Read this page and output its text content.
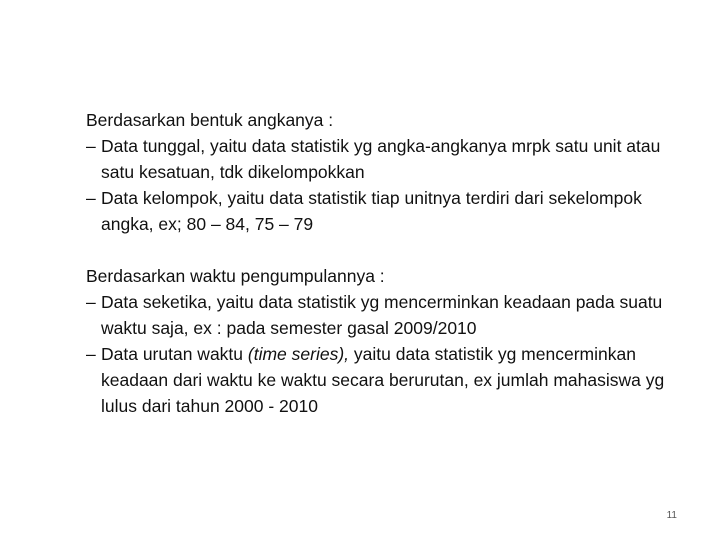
Berdasarkan bentuk angkanya :

– Data tunggal, yaitu data statistik yg angka-angkanya mrpk satu unit atau satu kesatuan, tdk dikelompokkan

– Data kelompok, yaitu data statistik tiap unitnya terdiri dari sekelompok angka, ex; 80 – 84, 75 – 79

Berdasarkan waktu pengumpulannya :

– Data seketika, yaitu data statistik yg mencerminkan keadaan pada suatu waktu saja, ex : pada semester gasal 2009/2010

– Data urutan waktu (time series), yaitu data statistik yg mencerminkan keadaan dari waktu ke waktu secara berurutan, ex jumlah mahasiswa yg lulus dari tahun 2000 - 2010

11
